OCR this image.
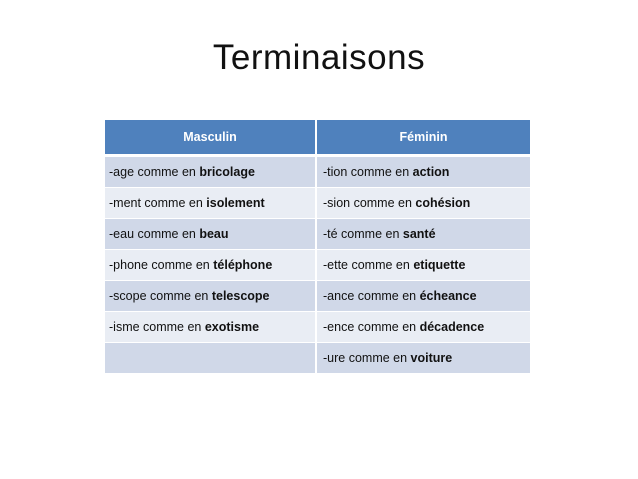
Terminaisons
Masculin	Féminin
-age comme en bricolage	-tion comme en action
-ment comme en isolement	-sion comme en cohésion
-eau comme en beau	-té comme en santé
-phone comme en téléphone	-ette comme en etiquette
-scope comme en telescope	-ance comme en écheance
-isme comme en exotisme	-ence comme en décadence
	-ure comme en voiture
